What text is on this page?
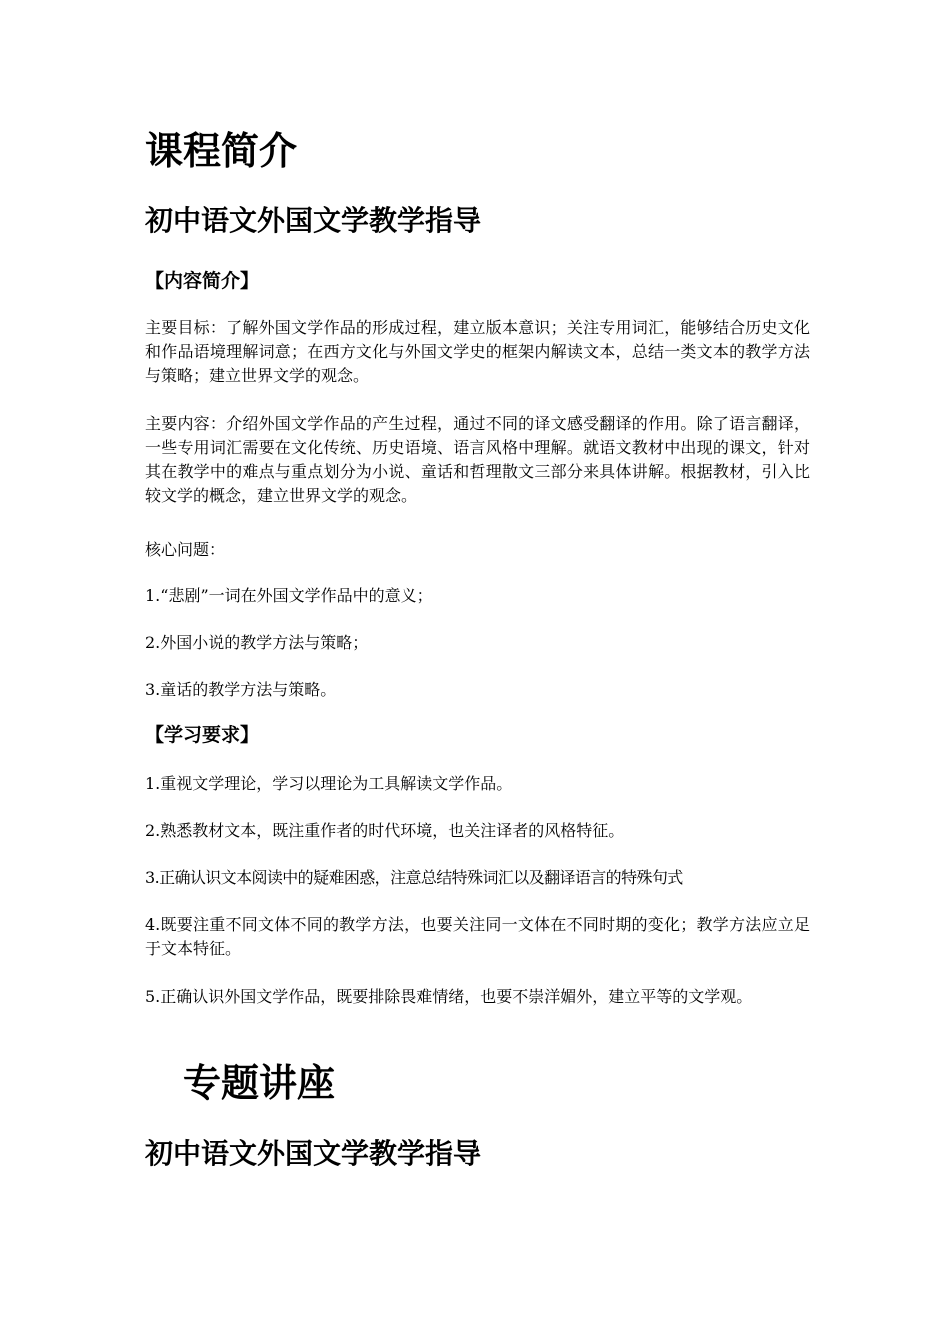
课程简介
初中语文外国文学教学指导
【内容简介】

主要目标：了解外国文学作品的形成过程，建立版本意识；关注专用词汇，能够结合历史文化和作品语境理解词意；在西方文化与外国文学史的框架内解读文本，总结一类文本的教学方法与策略；建立世界文学的观念。

主要内容：介绍外国文学作品的产生过程，通过不同的译文感受翻译的作用。除了语言翻译，一些专用词汇需要在文化传统、历史语境、语言风格中理解。就语文教材中出现的课文，针对其在教学中的难点与重点划分为小说、童话和哲理散文三部分来具体讲解。根据教材，引入比较文学的概念，建立世界文学的观念。

核心问题：

1.“悲剧”一词在外国文学作品中的意义；

2.外国小说的教学方法与策略；

3.童话的教学方法与策略。

【学习要求】

1.重视文学理论，学习以理论为工具解读文学作品。

2.熟悉教材文本，既注重作者的时代环境，也关注译者的风格特征。

3.正确认识文本阅读中的疑难困惑，注意总结特殊词汇以及翻译语言的特殊句式

4.既要注重不同文体不同的教学方法，也要关注同一文体在不同时期的变化；教学方法应立足于文本特征。

5.正确认识外国文学作品，既要排除畏难情绪，也要不崇洋媚外，建立平等的文学观。

专题讲座
初中语文外国文学教学指导
